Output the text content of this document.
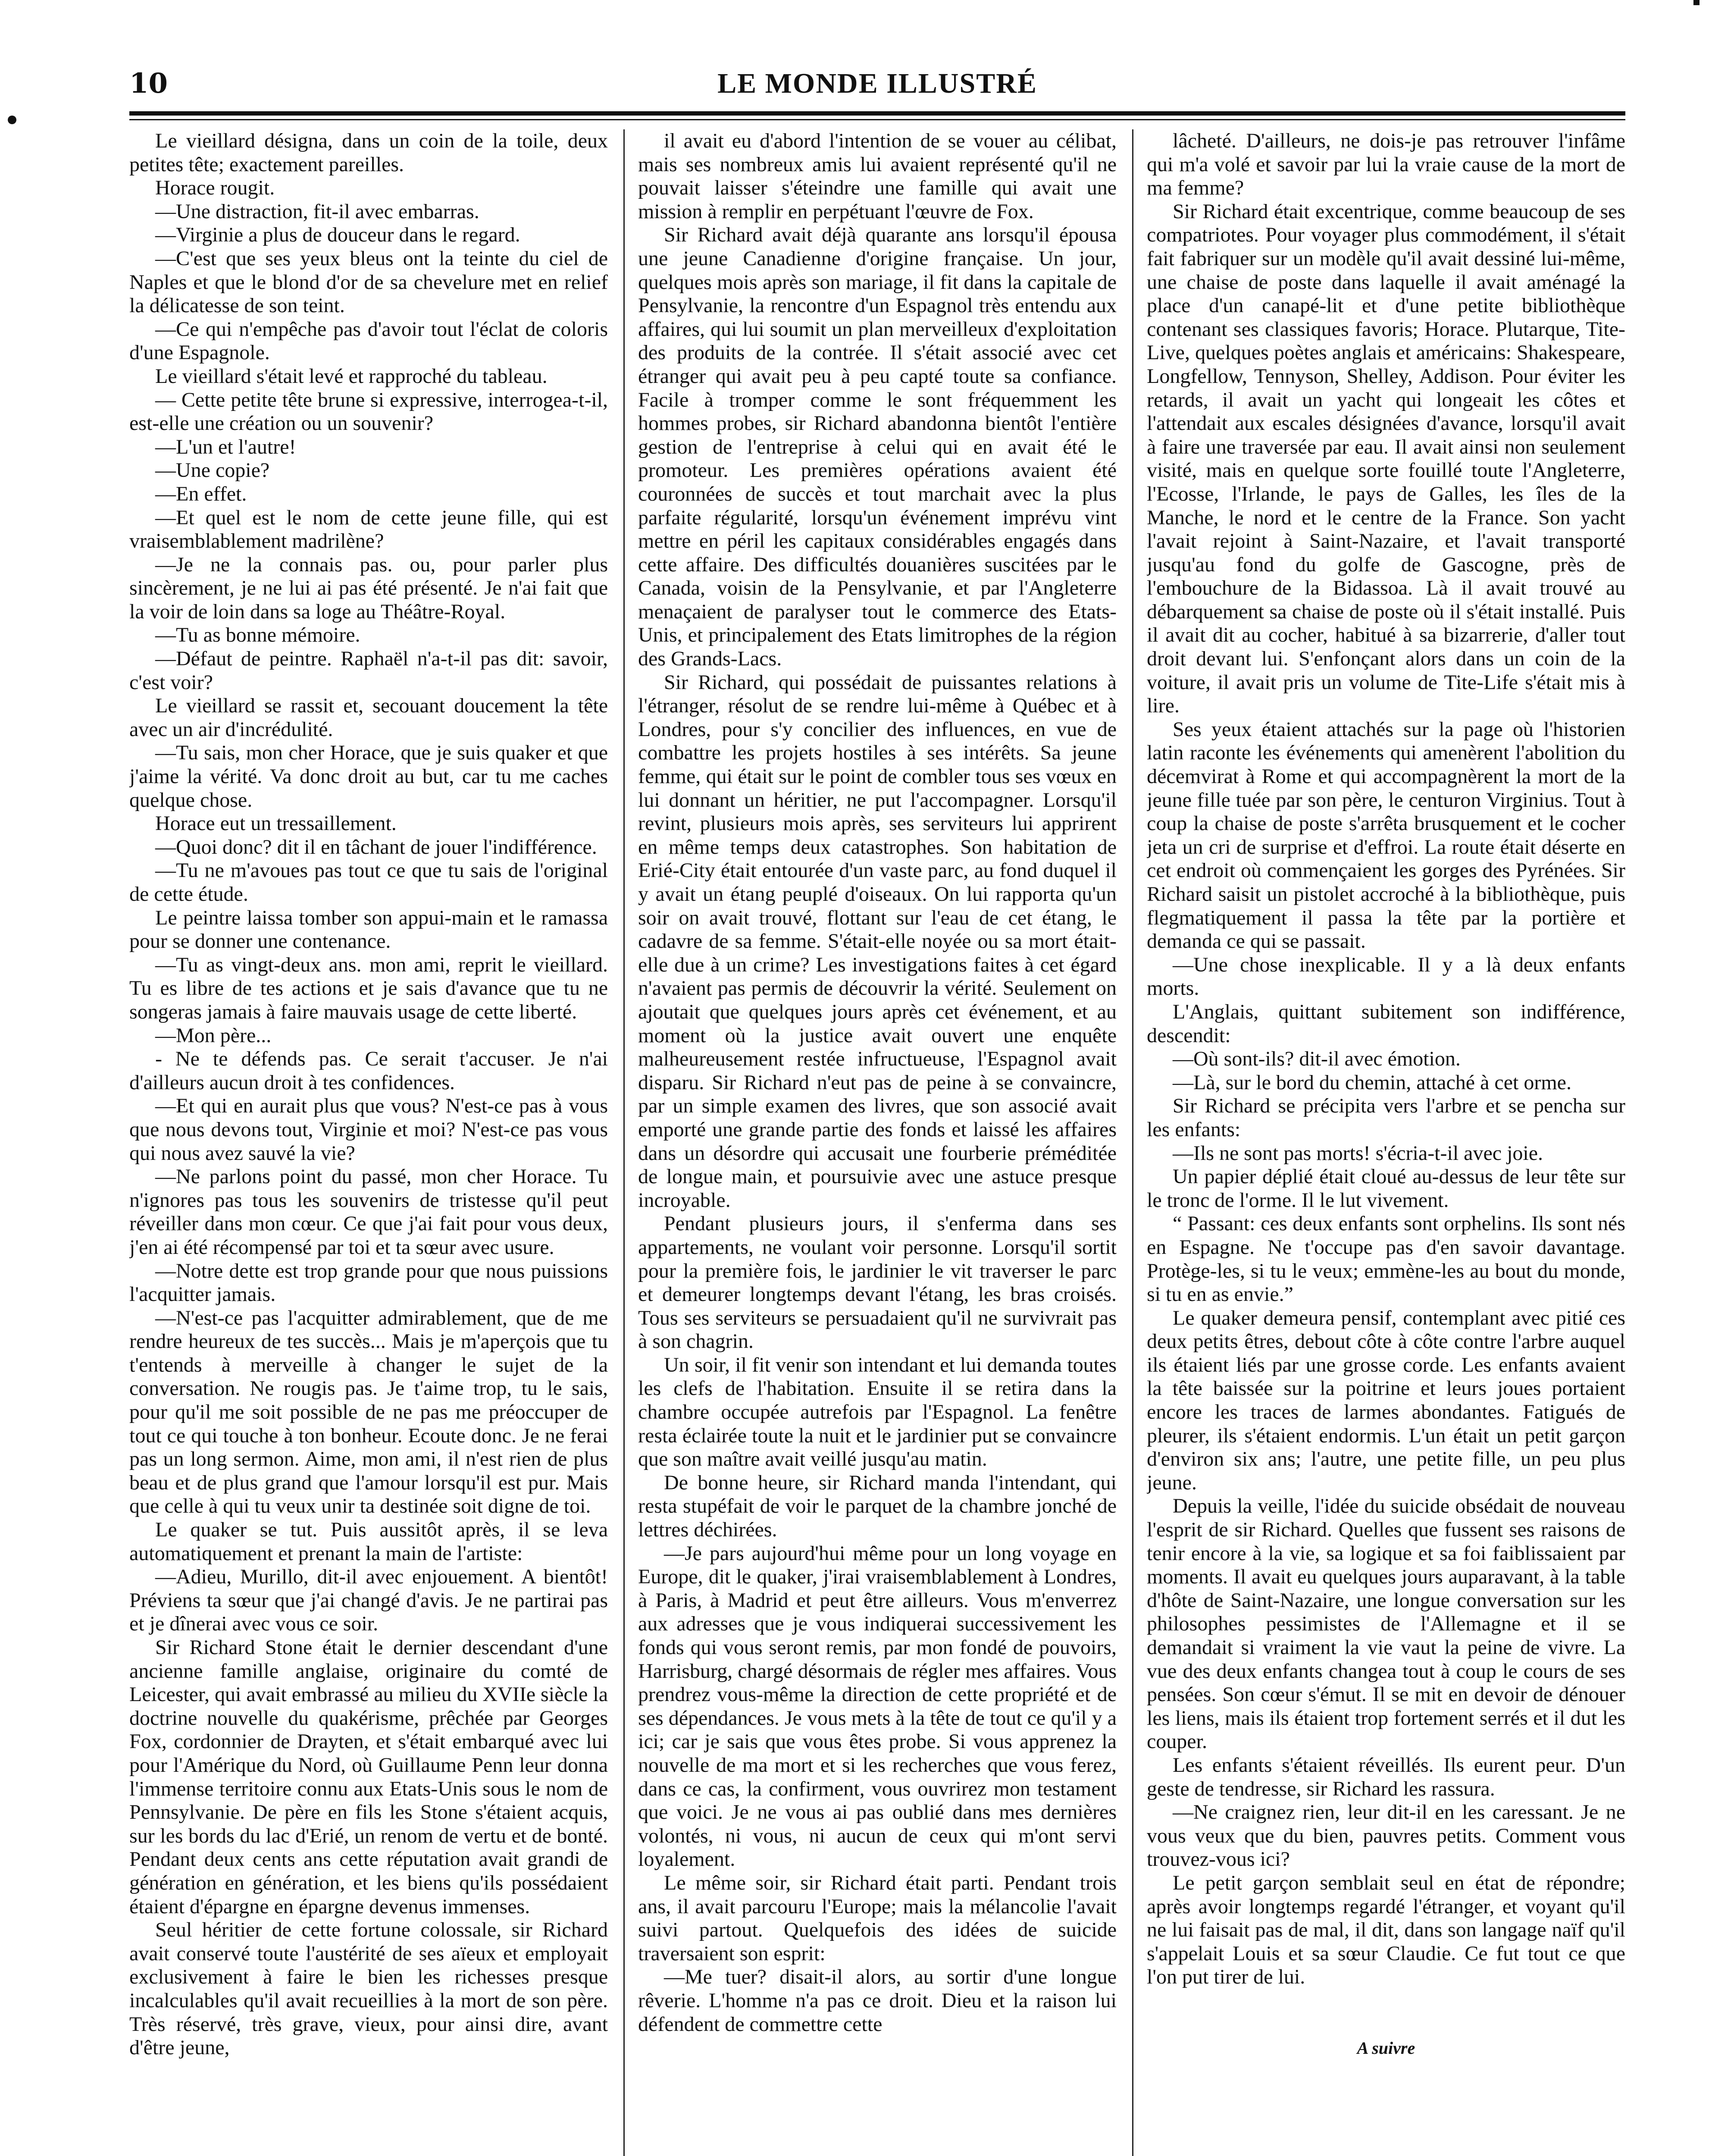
10	LE MONDE ILLUSTRÉ

Le vieillard désigna, dans un coin de la toile, deux petites tête; exactement pareilles.

Horace rougit.

—Une distraction, fit-il avec embarras.

—Virginie a plus de douceur dans le regard.

—C'est que ses yeux bleus ont la teinte du ciel de Naples et que le blond d'or de sa chevelure met en relief la délicatesse de son teint.

—Ce qui n'empêche pas d'avoir tout l'éclat de coloris d'une Espagnole.

Le vieillard s'était levé et rapproché du tableau.

— Cette petite tête brune si expressive, interrogea-t-il, est-elle une création ou un souvenir?

—L'un et l'autre!

—Une copie?

—En effet.

—Et quel est le nom de cette jeune fille, qui est vraisemblablement madrilène?

—Je ne la connais pas. ou, pour parler plus sincèrement, je ne lui ai pas été présenté. Je n'ai fait que la voir de loin dans sa loge au Théâtre-Royal.

—Tu as bonne mémoire.

—Défaut de peintre. Raphaël n'a-t-il pas dit: savoir, c'est voir?

Le vieillard se rassit et, secouant doucement la tête avec un air d'incrédulité.

—Tu sais, mon cher Horace, que je suis quaker et que j'aime la vérité. Va donc droit au but, car tu me caches quelque chose.

Horace eut un tressaillement.

—Quoi donc? dit il en tâchant de jouer l'indifférence.

—Tu ne m'avoues pas tout ce que tu sais de l'original de cette étude.

Le peintre laissa tomber son appui-main et le ramassa pour se donner une contenance.

—Tu as vingt-deux ans. mon ami, reprit le vieillard. Tu es libre de tes actions et je sais d'avance que tu ne songeras jamais à faire mauvais usage de cette liberté.

—Mon père...

- Ne te défends pas. Ce serait t'accuser. Je n'ai d'ailleurs aucun droit à tes confidences.

—Et qui en aurait plus que vous? N'est-ce pas à vous que nous devons tout, Virginie et moi? N'est-ce pas vous qui nous avez sauvé la vie?

—Ne parlons point du passé, mon cher Horace. Tu n'ignores pas tous les souvenirs de tristesse qu'il peut réveiller dans mon cœur. Ce que j'ai fait pour vous deux, j'en ai été récompensé par toi et ta sœur avec usure.

—Notre dette est trop grande pour que nous puissions l'acquitter jamais.

—N'est-ce pas l'acquitter admirablement, que de me rendre heureux de tes succès... Mais je m'aperçois que tu t'entends à merveille à changer le sujet de la conversation. Ne rougis pas. Je t'aime trop, tu le sais, pour qu'il me soit possible de ne pas me préoccuper de tout ce qui touche à ton bonheur. Ecoute donc. Je ne ferai pas un long sermon. Aime, mon ami, il n'est rien de plus beau et de plus grand que l'amour lorsqu'il est pur. Mais que celle à qui tu veux unir ta destinée soit digne de toi.

Le quaker se tut. Puis aussitôt après, il se leva automatiquement et prenant la main de l'artiste:

—Adieu, Murillo, dit-il avec enjouement. A bientôt! Préviens ta sœur que j'ai changé d'avis. Je ne partirai pas et je dînerai avec vous ce soir.

Sir Richard Stone était le dernier descendant d'une ancienne famille anglaise, originaire du comté de Leicester, qui avait embrassé au milieu du XVIIe siècle la doctrine nouvelle du quakérisme, prêchée par Georges Fox, cordonnier de Drayten, et s'était embarqué avec lui pour l'Amérique du Nord, où Guillaume Penn leur donna l'immense territoire connu aux Etats-Unis sous le nom de Pennsylvanie. De père en fils les Stone s'étaient acquis, sur les bords du lac d'Erié, un renom de vertu et de bonté. Pendant deux cents ans cette réputation avait grandi de génération en génération, et les biens qu'ils possédaient étaient d'épargne en épargne devenus immenses.

Seul héritier de cette fortune colossale, sir Richard avait conservé toute l'austérité de ses aïeux et employait exclusivement à faire le bien les richesses presque incalculables qu'il avait recueillies à la mort de son père. Très réservé, très grave, vieux, pour ainsi dire, avant d'être jeune,

il avait eu d'abord l'intention de se vouer au célibat, mais ses nombreux amis lui avaient représenté qu'il ne pouvait laisser s'éteindre une famille qui avait une mission à remplir en perpétuant l'œuvre de Fox.

Sir Richard avait déjà quarante ans lorsqu'il épousa une jeune Canadienne d'origine française. Un jour, quelques mois après son mariage, il fit dans la capitale de Pensylvanie, la rencontre d'un Espagnol très entendu aux affaires, qui lui soumit un plan merveilleux d'exploitation des produits de la contrée. Il s'était associé avec cet étranger qui avait peu à peu capté toute sa confiance. Facile à tromper comme le sont fréquemment les hommes probes, sir Richard abandonna bientôt l'entière gestion de l'entreprise à celui qui en avait été le promoteur. Les premières opérations avaient été couronnées de succès et tout marchait avec la plus parfaite régularité, lorsqu'un événement imprévu vint mettre en péril les capitaux considérables engagés dans cette affaire. Des difficultés douanières suscitées par le Canada, voisin de la Pensylvanie, et par l'Angleterre menaçaient de paralyser tout le commerce des Etats-Unis, et principalement des Etats limitrophes de la région des Grands-Lacs.

Sir Richard, qui possédait de puissantes relations à l'étranger, résolut de se rendre lui-même à Québec et à Londres, pour s'y concilier des influences, en vue de combattre les projets hostiles à ses intérêts. Sa jeune femme, qui était sur le point de combler tous ses vœux en lui donnant un héritier, ne put l'accompagner. Lorsqu'il revint, plusieurs mois après, ses serviteurs lui apprirent en même temps deux catastrophes. Son habitation de Erié-City était entourée d'un vaste parc, au fond duquel il y avait un étang peuplé d'oiseaux. On lui rapporta qu'un soir on avait trouvé, flottant sur l'eau de cet étang, le cadavre de sa femme. S'était-elle noyée ou sa mort était-elle due à un crime? Les investigations faites à cet égard n'avaient pas permis de découvrir la vérité. Seulement on ajoutait que quelques jours après cet événement, et au moment où la justice avait ouvert une enquête malheureusement restée infructueuse, l'Espagnol avait disparu. Sir Richard n'eut pas de peine à se convaincre, par un simple examen des livres, que son associé avait emporté une grande partie des fonds et laissé les affaires dans un désordre qui accusait une fourberie préméditée de longue main, et poursuivie avec une astuce presque incroyable.

Pendant plusieurs jours, il s'enferma dans ses appartements, ne voulant voir personne. Lorsqu'il sortit pour la première fois, le jardinier le vit traverser le parc et demeurer longtemps devant l'étang, les bras croisés. Tous ses serviteurs se persuadaient qu'il ne survivrait pas à son chagrin.

Un soir, il fit venir son intendant et lui demanda toutes les clefs de l'habitation. Ensuite il se retira dans la chambre occupée autrefois par l'Espagnol. La fenêtre resta éclairée toute la nuit et le jardinier put se convaincre que son maître avait veillé jusqu'au matin.

De bonne heure, sir Richard manda l'intendant, qui resta stupéfait de voir le parquet de la chambre jonché de lettres déchirées.

—Je pars aujourd'hui même pour un long voyage en Europe, dit le quaker, j'irai vraisemblablement à Londres, à Paris, à Madrid et peut être ailleurs. Vous m'enverrez aux adresses que je vous indiquerai successivement les fonds qui vous seront remis, par mon fondé de pouvoirs, Harrisburg, chargé désormais de régler mes affaires. Vous prendrez vous-même la direction de cette propriété et de ses dépendances. Je vous mets à la tête de tout ce qu'il y a ici; car je sais que vous êtes probe. Si vous apprenez la nouvelle de ma mort et si les recherches que vous ferez, dans ce cas, la confirment, vous ouvrirez mon testament que voici. Je ne vous ai pas oublié dans mes dernières volontés, ni vous, ni aucun de ceux qui m'ont servi loyalement.

Le même soir, sir Richard était parti. Pendant trois ans, il avait parcouru l'Europe; mais la mélancolie l'avait suivi partout. Quelquefois des idées de suicide traversaient son esprit:

—Me tuer? disait-il alors, au sortir d'une longue rêverie. L'homme n'a pas ce droit. Dieu et la raison lui défendent de commettre cette

lâcheté. D'ailleurs, ne dois-je pas retrouver l'infâme qui m'a volé et savoir par lui la vraie cause de la mort de ma femme?

Sir Richard était excentrique, comme beaucoup de ses compatriotes. Pour voyager plus commodément, il s'était fait fabriquer sur un modèle qu'il avait dessiné lui-même, une chaise de poste dans laquelle il avait aménagé la place d'un canapé-lit et d'une petite bibliothèque contenant ses classiques favoris; Horace. Plutarque, Tite-Live, quelques poètes anglais et américains: Shakespeare, Longfellow, Tennyson, Shelley, Addison. Pour éviter les retards, il avait un yacht qui longeait les côtes et l'attendait aux escales désignées d'avance, lorsqu'il avait à faire une traversée par eau. Il avait ainsi non seulement visité, mais en quelque sorte fouillé toute l'Angleterre, l'Ecosse, l'Irlande, le pays de Galles, les îles de la Manche, le nord et le centre de la France. Son yacht l'avait rejoint à Saint-Nazaire, et l'avait transporté jusqu'au fond du golfe de Gascogne, près de l'embouchure de la Bidassoa. Là il avait trouvé au débarquement sa chaise de poste où il s'était installé. Puis il avait dit au cocher, habitué à sa bizarrerie, d'aller tout droit devant lui. S'enfonçant alors dans un coin de la voiture, il avait pris un volume de Tite-Life s'était mis à lire.

Ses yeux étaient attachés sur la page où l'historien latin raconte les événements qui amenèrent l'abolition du décemvirat à Rome et qui accompagnèrent la mort de la jeune fille tuée par son père, le centuron Virginius. Tout à coup la chaise de poste s'arrêta brusquement et le cocher jeta un cri de surprise et d'effroi. La route était déserte en cet endroit où commençaient les gorges des Pyrénées. Sir Richard saisit un pistolet accroché à la bibliothèque, puis flegmatiquement il passa la tête par la portière et demanda ce qui se passait.

—Une chose inexplicable. Il y a là deux enfants morts.

L'Anglais, quittant subitement son indifférence, descendit:

—Où sont-ils? dit-il avec émotion.

—Là, sur le bord du chemin, attaché à cet orme.

Sir Richard se précipita vers l'arbre et se pencha sur les enfants:

—Ils ne sont pas morts! s'écria-t-il avec joie.

Un papier déplié était cloué au-dessus de leur tête sur le tronc de l'orme. Il le lut vivement.

“ Passant: ces deux enfants sont orphelins. Ils sont nés en Espagne. Ne t'occupe pas d'en savoir davantage. Protège-les, si tu le veux; emmène-les au bout du monde, si tu en as envie.”

Le quaker demeura pensif, contemplant avec pitié ces deux petits êtres, debout côte à côte contre l'arbre auquel ils étaient liés par une grosse corde. Les enfants avaient la tête baissée sur la poitrine et leurs joues portaient encore les traces de larmes abondantes. Fatigués de pleurer, ils s'étaient endormis. L'un était un petit garçon d'environ six ans; l'autre, une petite fille, un peu plus jeune.

Depuis la veille, l'idée du suicide obsédait de nouveau l'esprit de sir Richard. Quelles que fussent ses raisons de tenir encore à la vie, sa logique et sa foi faiblissaient par moments. Il avait eu quelques jours auparavant, à la table d'hôte de Saint-Nazaire, une longue conversation sur les philosophes pessimistes de l'Allemagne et il se demandait si vraiment la vie vaut la peine de vivre. La vue des deux enfants changea tout à coup le cours de ses pensées. Son cœur s'émut. Il se mit en devoir de dénouer les liens, mais ils étaient trop fortement serrés et il dut les couper.

Les enfants s'étaient réveillés. Ils eurent peur. D'un geste de tendresse, sir Richard les rassura.

—Ne craignez rien, leur dit-il en les caressant. Je ne vous veux que du bien, pauvres petits. Comment vous trouvez-vous ici?

Le petit garçon semblait seul en état de répondre; après avoir longtemps regardé l'étranger, et voyant qu'il ne lui faisait pas de mal, il dit, dans son langage naïf qu'il s'appelait Louis et sa sœur Claudie. Ce fut tout ce que l'on put tirer de lui.

A suivre
